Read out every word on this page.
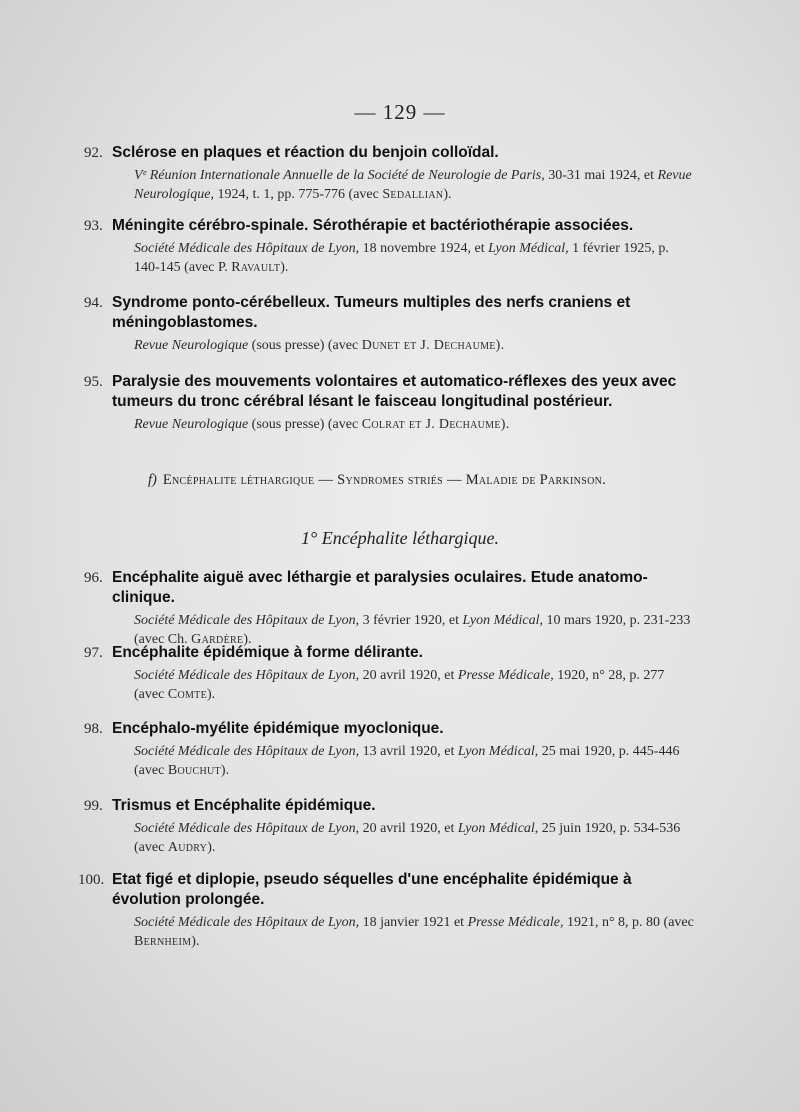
— 129 —
92. Sclérose en plaques et réaction du benjoin colloïdal.
Vᵉ Réunion Internationale Annuelle de la Société de Neurologie de Paris, 30-31 mai 1924, et Revue Neurologique, 1924, t. 1, pp. 775-776 (avec Sedallian).
93. Méningite cérébro-spinale. Sérothérapie et bactériothérapie associées.
Société Médicale des Hôpitaux de Lyon, 18 novembre 1924, et Lyon Médical, 1 février 1925, p. 140-145 (avec P. Ravault).
94. Syndrome ponto-cérébelleux. Tumeurs multiples des nerfs craniens et méningoblastomes.
Revue Neurologique (sous presse) (avec Dunet et J. Dechaume).
95. Paralysie des mouvements volontaires et automatico-réflexes des yeux avec tumeurs du tronc cérébral lésant le faisceau longitudinal postérieur.
Revue Neurologique (sous presse) (avec Colrat et J. Dechaume).
f) Encéphalite léthargique — Syndromes striés — Maladie de Parkinson.
1° Encéphalite léthargique.
96. Encéphalite aiguë avec léthargie et paralysies oculaires. Etude anatomo-clinique.
Société Médicale des Hôpitaux de Lyon, 3 février 1920, et Lyon Médical, 10 mars 1920, p. 231-233 (avec Ch. Gardère).
97. Encéphalite épidémique à forme délirante.
Société Médicale des Hôpitaux de Lyon, 20 avril 1920, et Presse Médicale, 1920, n° 28, p. 277 (avec Comte).
98. Encéphalo-myélite épidémique myoclonique.
Société Médicale des Hôpitaux de Lyon, 13 avril 1920, et Lyon Médical, 25 mai 1920, p. 445-446 (avec Bouchut).
99. Trismus et Encéphalite épidémique.
Société Médicale des Hôpitaux de Lyon, 20 avril 1920, et Lyon Médical, 25 juin 1920, p. 534-536 (avec Audry).
100. Etat figé et diplopie, pseudo séquelles d'une encéphalite épidémique à évolution prolongée.
Société Médicale des Hôpitaux de Lyon, 18 janvier 1921 et Presse Médicale, 1921, n° 8, p. 80 (avec Bernheim).
